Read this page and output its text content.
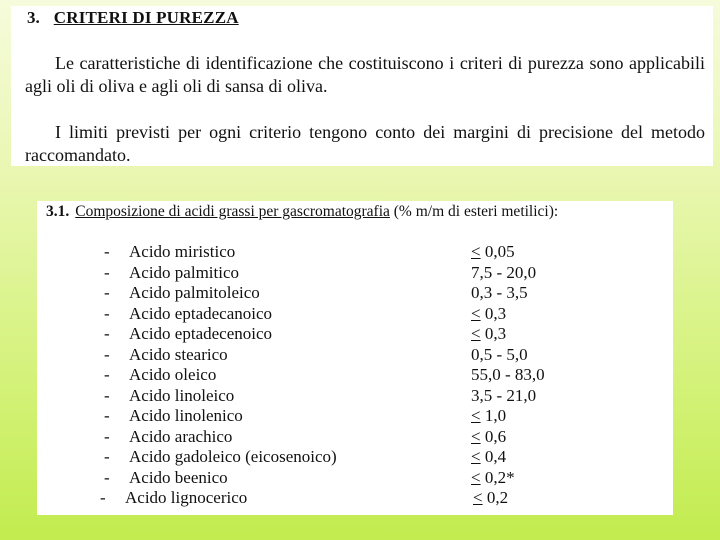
3. CRITERI DI PUREZZA

Le caratteristiche di identificazione che costituiscono i criteri di purezza sono applicabili agli oli di oliva e agli oli di sansa di oliva.

I limiti previsti per ogni criterio tengono conto dei margini di precisione del metodo raccomandato.

3.1. Composizione di acidi grassi per gascromatografia (% m/m di esteri metilici):
- Acido miristico	≤ 0,05
- Acido palmitico	7,5 - 20,0
- Acido palmitoleico	0,3 - 3,5
- Acido eptadecanoico	≤ 0,3
- Acido eptadecenoico	≤ 0,3
- Acido stearico	0,5 - 5,0
- Acido oleico	55,0 - 83,0
- Acido linoleico	3,5 - 21,0
- Acido linolenico	≤ 1,0
- Acido arachico	≤ 0,6
- Acido gadoleico (eicosenoico)	≤ 0,4
- Acido beenico	≤ 0,2*
- Acido lignocerico	≤ 0,2
